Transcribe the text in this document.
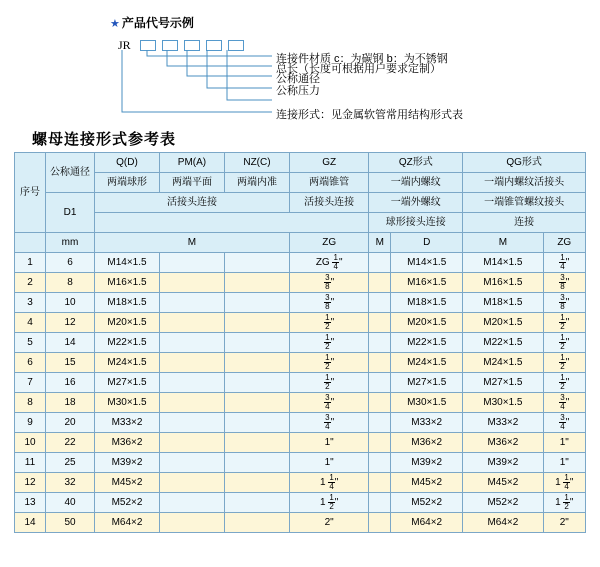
★ 产品代号示例
JR
连接件材质 c：为碳钢 b：为不锈钢
总长（长度可根据用户要求定制）
公称通径
公称压力
连接形式：见金属软管常用结构形式表
螺母连接形式参考表
序号	公称通径	Q(D)	PM(A)	NZ(C)	GZ	QZ形式		QG形式	
		两端球形	两端平面	两端内准	两端锥管	一端内螺纹		一端内螺纹活接头	

	D1	活接头连接			活接头连接	一端外螺纹		一端锥管螺纹接头	
						球形接头连接		连接	
	mm	M			ZG	M	D	M	ZG
1	6	M14×1.5			ZG $\frac{1}{4}$ "		M14×1.5	M14×1.5	$\frac{1}{4}$ "
2	8	M16×1.5			$\frac{3}{8}$ "		M16×1.5	M16×1.5	$\frac{3}{8}$ "
3	10	M18×1.5			$\frac{3}{8}$ "		M18×1.5	M18×1.5	$\frac{3}{8}$ "
4	12	M20×1.5			$\frac{1}{2}$ "		M20×1.5	M20×1.5	$\frac{1}{2}$ "
5	14	M22×1.5			$\frac{1}{2}$ "		M22×1.5	M22×1.5	$\frac{1}{2}$ "
6	15	M24×1.5			$\frac{1}{2}$ "		M24×1.5	M24×1.5	$\frac{1}{2}$ "
7	16	M27×1.5			$\frac{1}{2}$ "		M27×1.5	M27×1.5	$\frac{1}{2}$ "
8	18	M30×1.5			$\frac{3}{4}$ "		M30×1.5	M30×1.5	$\frac{3}{4}$ "
9	20	M33×2			$\frac{3}{4}$ "		M33×2	M33×2	$\frac{3}{4}$ "
10	22	M36×2			1"		M36×2	M36×2	1"
11	25	M39×2			1"		M39×2	M39×2	1"
12	32	M45×2			$1 \frac{1}{4}$ "		M45×2	M45×2	$1 \frac{1}{4}$ "
13	40	M52×2			$1 \frac{1}{2}$ "		M52×2	M52×2	$1 \frac{1}{2}$ "
14	50	M64×2			2"		M64×2	M64×2	2"
